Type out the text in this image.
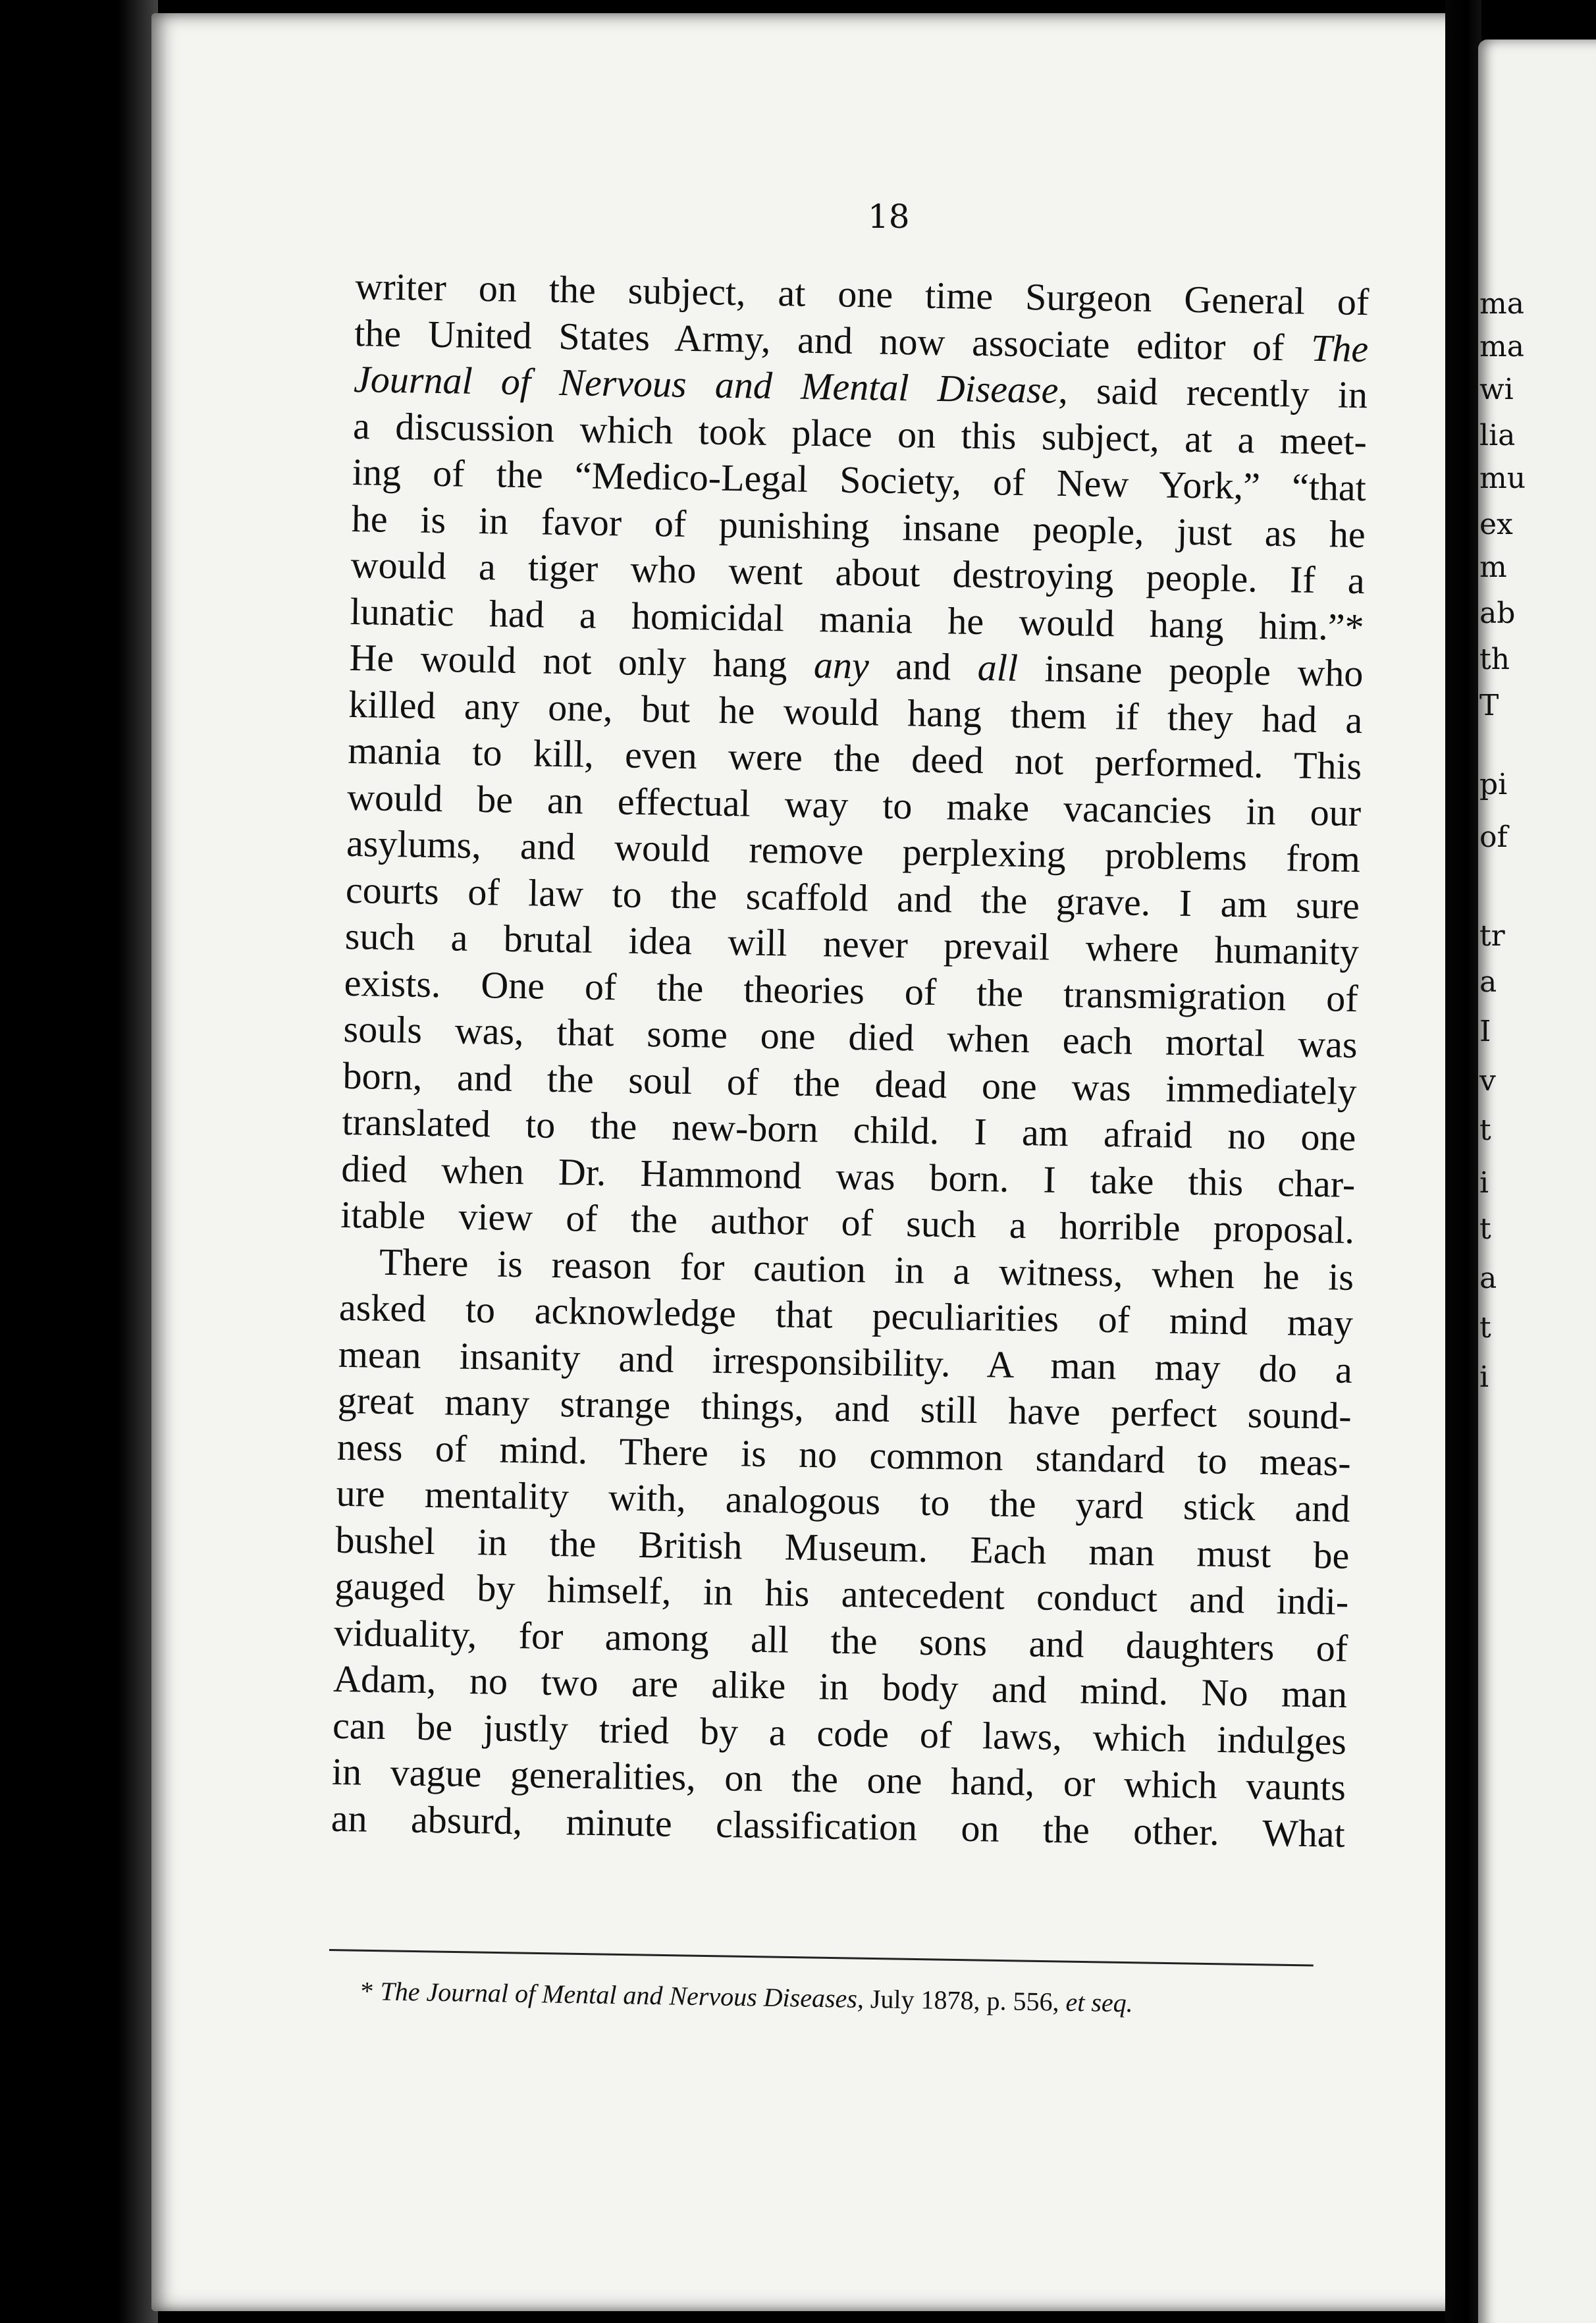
18
writer on the subject, at one time Surgeon General of
the United States Army, and now associate editor of The
Journal of Nervous and Mental Disease, said recently in
a discussion which took place on this subject, at a meet-
ing of the “Medico-Legal Society, of New York,” “that
he is in favor of punishing insane people, just as he
would a tiger who went about destroying people. If a
lunatic had a homicidal mania he would hang him.”*
He would not only hang any and all insane people who
killed any one, but he would hang them if they had a
mania to kill, even were the deed not performed. This
would be an effectual way to make vacancies in our
asylums, and would remove perplexing problems from
courts of law to the scaffold and the grave. I am sure
such a brutal idea will never prevail where humanity
exists. One of the theories of the transmigration of
souls was, that some one died when each mortal was
born, and the soul of the dead one was immediately
translated to the new-born child. I am afraid no one
died when Dr. Hammond was born. I take this char-
itable view of the author of such a horrible proposal.
There is reason for caution in a witness, when he is
asked to acknowledge that peculiarities of mind may
mean insanity and irresponsibility. A man may do a
great many strange things, and still have perfect sound-
ness of mind. There is no common standard to meas-
ure mentality with, analogous to the yard stick and
bushel in the British Museum. Each man must be
gauged by himself, in his antecedent conduct and indi-
viduality, for among all the sons and daughters of
Adam, no two are alike in body and mind. No man
can be justly tried by a code of laws, which indulges
in vague generalities, on the one hand, or which vaunts
an absurd, minute classification on the other. What
* The Journal of Mental and Nervous Diseases, July 1878, p. 556, et seq.
ma
ma
wi
lia
mu
ex
m
ab
th
T
pi
of
tr
a
I
v
t
i
t
a
t
i
